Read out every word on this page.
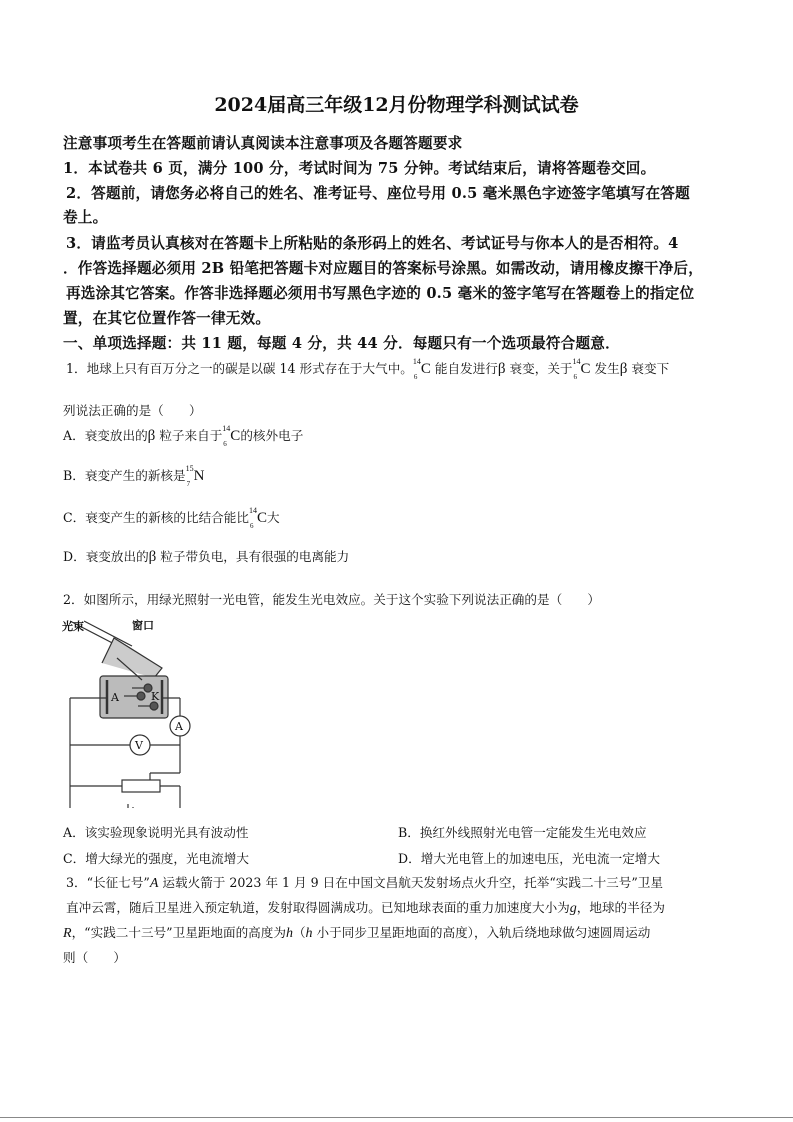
2024届高三年级12月份物理学科测试试卷
注意事项考生在答题前请认真阅读本注意事项及各题答题要求
1．本试卷共 6 页，满分 100 分，考试时间为 75 分钟。考试结束后，请将答题卷交回。
2．答题前，请您务必将自己的姓名、准考证号、座位号用 0.5 毫米黑色字迹签字笔填写在答题
卷上。
3．请监考员认真核对在答题卡上所粘贴的条形码上的姓名、考试证号与你本人的是否相符。4
．作答选择题必须用 2B 铅笔把答题卡对应题目的答案标号涂黑。如需改动，请用橡皮擦干净后，
再选涂其它答案。作答非选择题必须用书写黑色字迹的 0.5 毫米的签字笔写在答题卷上的指定位
置，在其它位置作答一律无效。
一、单项选择题：共 11 题，每题 4 分，共 44 分．每题只有一个选项最符合题意．
1．地球上只有百万分之一的碳是以碳 14 形式存在于大气中。 14
6 C 能自发进行β 衰变，关于 14
6 C 发生β 衰变下
列说法正确的是（　　）
A．衰变放出的β 粒子来自于 14
6 C的核外电子
B．衰变产生的新核是 15
7 N
C．衰变产生的新核的比结合能比 14
6 C大
D．衰变放出的β 粒子带负电，具有很强的电离能力
2．如图所示，用绿光照射一光电管，能发生光电效应。关于这个实验下列说法正确的是（　　）
光束	窗口
A	K
A
V
A．该实验现象说明光具有波动性	B．换红外线照射光电管一定能发生光电效应
C．增大绿光的强度，光电流增大	D．增大光电管上的加速电压，光电流一定增大
3．“长征七号”A 运载火箭于 2023 年 1 月 9 日在中国文昌航天发射场点火升空，托举“实践二十三号”卫星
直冲云霄，随后卫星进入预定轨道，发射取得圆满成功。已知地球表面的重力加速度大小为g，地球的半径为
R，“实践二十三号”卫星距地面的高度为h（h 小于同步卫星距地面的高度），入轨后绕地球做匀速圆周运动
则（　　）
